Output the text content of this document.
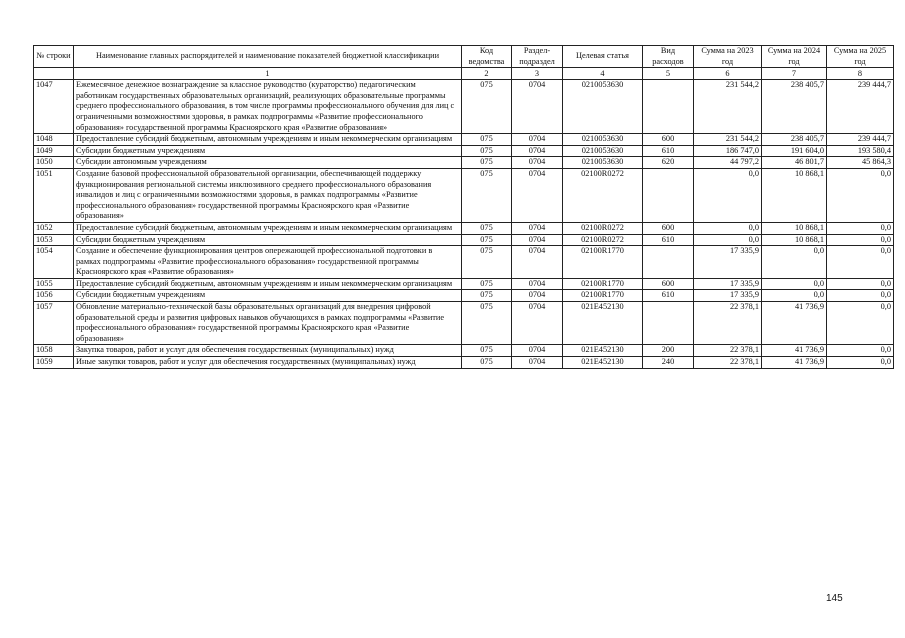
№ строки	Наименование главных распорядителей и наименование показателей бюджетной классификации	Код ведомства	Раздел-подраздел	Целевая статья	Вид расходов	Сумма на 2023 год	Сумма на 2024 год	Сумма на 2025 год
	1	2	3	4	5	6	7	8
1047	Ежемесячное денежное вознаграждение за классное руководство (кураторство) педагогическим работникам государственных образовательных организаций, реализующих образовательные программы среднего профессионального образования, в том числе программы профессионального обучения для лиц с ограниченными возможностями здоровья, в рамках подпрограммы «Развитие профессионального образования» государственной программы Красноярского края «Развитие образования»	075	0704	0210053630		231 544,2	238 405,7	239 444,7
1048	Предоставление субсидий бюджетным, автономным учреждениям и иным некоммерческим организациям	075	0704	0210053630	600	231 544,2	238 405,7	239 444,7
1049	Субсидии бюджетным учреждениям	075	0704	0210053630	610	186 747,0	191 604,0	193 580,4
1050	Субсидии автономным учреждениям	075	0704	0210053630	620	44 797,2	46 801,7	45 864,3
1051	Создание базовой профессиональной образовательной организации, обеспечивающей поддержку функционирования региональной системы инклюзивного среднего профессионального образования инвалидов и лиц с ограниченными возможностями здоровья, в рамках подпрограммы «Развитие профессионального образования» государственной программы Красноярского края «Развитие образования»	075	0704	02100R0272		0,0	10 868,1	0,0
1052	Предоставление субсидий бюджетным, автономным учреждениям и иным некоммерческим организациям	075	0704	02100R0272	600	0,0	10 868,1	0,0
1053	Субсидии бюджетным учреждениям	075	0704	02100R0272	610	0,0	10 868,1	0,0
1054	Создание и обеспечение функционирования центров опережающей профессиональной подготовки в рамках подпрограммы «Развитие профессионального образования» государственной программы Красноярского края «Развитие образования»	075	0704	02100R1770		17 335,9	0,0	0,0
1055	Предоставление субсидий бюджетным, автономным учреждениям и иным некоммерческим организациям	075	0704	02100R1770	600	17 335,9	0,0	0,0
1056	Субсидии бюджетным учреждениям	075	0704	02100R1770	610	17 335,9	0,0	0,0
1057	Обновление материально-технической базы образовательных организаций для внедрения цифровой образовательной среды и развития цифровых навыков обучающихся в рамках подпрограммы «Развитие профессионального образования» государственной программы Красноярского края «Развитие образования»	075	0704	021Е452130		22 378,1	41 736,9	0,0
1058	Закупка товаров, работ и услуг для обеспечения государственных (муниципальных) нужд	075	0704	021Е452130	200	22 378,1	41 736,9	0,0
1059	Иные закупки товаров, работ и услуг для обеспечения государственных (муниципальных) нужд	075	0704	021Е452130	240	22 378,1	41 736,9	0,0
145
